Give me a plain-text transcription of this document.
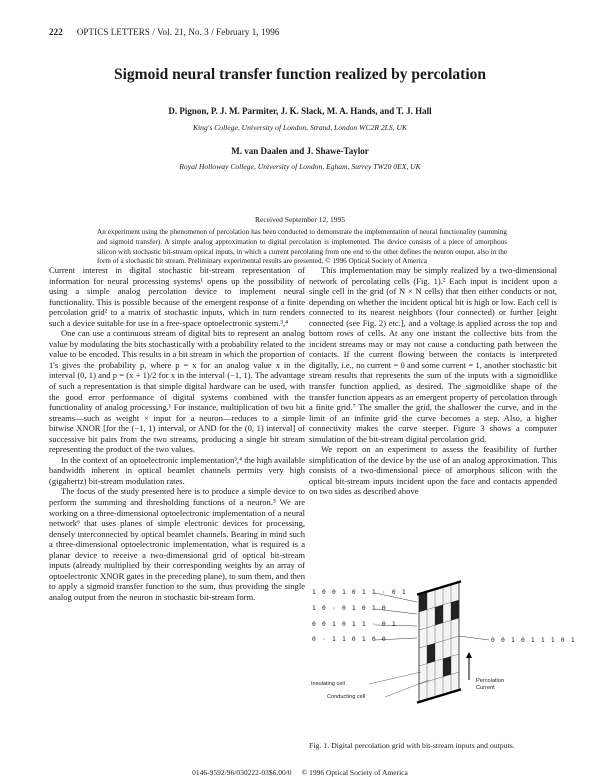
222 OPTICS LETTERS / Vol. 21, No. 3 / February 1, 1996
Sigmoid neural transfer function realized by percolation
D. Pignon, P. J. M. Parmiter, J. K. Slack, M. A. Hands, and T. J. Hall
King's College, University of London, Strand, London WC2R 2LS, UK
M. van Daalen and J. Shawe-Taylor
Royal Holloway College, University of London, Egham, Surrey TW20 0EX, UK
Received September 12, 1995
An experiment using the phenomenon of percolation has been conducted to demonstrate the implementation of neural functionality (summing and sigmoid transfer). A simple analog approximation to digital percolation is implemented. The device consists of a piece of amorphous silicon with stochastic bit-stream optical inputs, in which a current percolating from one end to the other defines the neuron output, also in the form of a stochastic bit stream. Preliminary experimental results are presented. © 1996 Optical Society of America

Current interest in digital stochastic bit-stream representation of information for neural processing systems¹ opens up the possibility of using a simple analog percolation device to implement neural functionality. This is possible because of the emergent response of a finite percolation grid² to a matrix of stochastic inputs, which in turn renders such a device suitable for use in a free-space optoelectronic system.³,⁴

One can use a continuous stream of digital bits to represent an analog value by modulating the bits stochastically with a probability related to the value to be encoded. This results in a bit stream in which the proportion of 1's gives the probability p, where p = x for an analog value x in the interval (0, 1) and p = (x + 1)/2 for x in the interval (−1, 1). The advantage of such a representation is that simple digital hardware can be used, with the good error performance of digital systems combined with the functionality of analog processing.¹ For instance, multiplication of two bit streams—such as weight × input for a neuron—reduces to a simple bitwise XNOR [for the (−1, 1) interval, or AND for the (0, 1) interval] of successive bit pairs from the two streams, producing a single bit stream representing the product of the two values.

In the context of an optoelectronic implementation³,⁴ the high available bandwidth inherent in optical beamlet channels permits very high (gigahertz) bit-stream modulation rates.

The focus of the study presented here is to produce a simple device to perform the summing and thresholding functions of a neuron.⁵ We are working on a three-dimensional optoelectronic implementation of a neural network⁶ that uses planes of simple electronic devices for processing, densely interconnected by optical beamlet channels. Bearing in mind such a three-dimensional optoelectronic implementation, what is required is a planar device to receive a two-dimensional grid of optical bit-stream inputs (already multiplied by their corresponding weights by an array of optoelectronic XNOR gates in the preceding plane), to sum them, and then to apply a sigmoid transfer function to the sum, thus providing the single analog output from the neuron in stochastic bit-stream form.

This implementation may be simply realized by a two-dimensional network of percolating cells (Fig. 1).² Each input is incident upon a single cell in the grid (of N × N cells) that then either conducts or not, depending on whether the incident optical bit is high or low. Each cell is connected to its nearest neighbors (four connected) or further [eight connected (see Fig. 2) etc.], and a voltage is applied across the top and bottom rows of cells. At any one instant the collective bits from the incident streams may or may not cause a conducting path between the contacts. If the current flowing between the contacts is interpreted digitally, i.e., no current = 0 and some current = 1, another stochastic bit stream results that represents the sum of the inputs with a sigmoidlike transfer function applied, as desired. The sigmoidlike shape of the transfer function appears as an emergent property of percolation through a finite grid.⁷ The smaller the grid, the shallower the curve, and in the limit of an infinite grid the curve becomes a step. Also, a higher connectivity makes the curve steeper. Figure 3 shows a computer simulation of the bit-stream digital percolation grid.

We report on an experiment to assess the feasibility of further simplification of the device by the use of an analog approximation. This consists of a two-dimensional piece of amorphous silicon with the optical bit-stream inputs incident upon the face and contacts appended on two sides as described above

1 0 0 1 0 1 1 · 0 1
1 0 · 0 1 0 1 0
0 0 1 0 1 1 · 0 1
0 · 1 1 0 1 0 0	0 0 1 0 1 1 1 0 1
Insulating cell
Conducting cell
Percolation Current
Fig. 1. Digital percolation grid with bit-stream inputs and outputs.
0146-9592/96/030222-03$6.00/0 © 1996 Optical Society of America
